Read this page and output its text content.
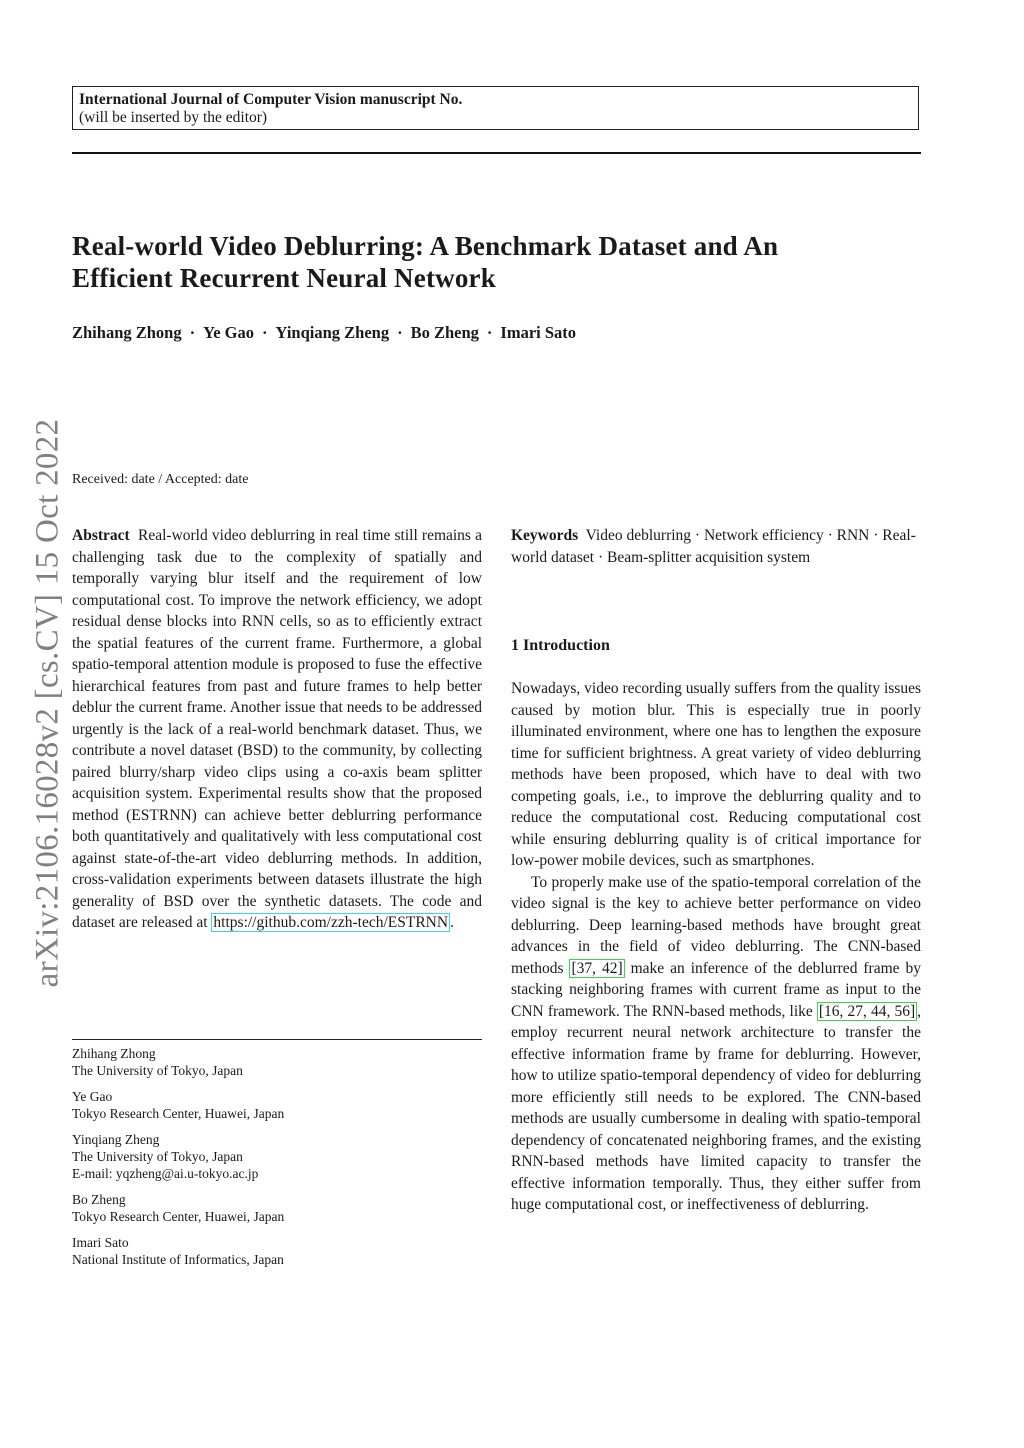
International Journal of Computer Vision manuscript No.
(will be inserted by the editor)
Real-world Video Deblurring: A Benchmark Dataset and An
Efficient Recurrent Neural Network
Zhihang Zhong · Ye Gao · Yinqiang Zheng · Bo Zheng · Imari Sato
arXiv:2106.16028v2 [cs.CV] 15 Oct 2022 Received: date / Accepted: date

Abstract Real-world video deblurring in real time still remains a challenging task due to the complexity of spatially and temporally varying blur itself and the requirement of low computational cost. To improve the network efficiency, we adopt residual dense blocks into RNN cells, so as to efficiently extract the spatial features of the current frame. Furthermore, a global spatio-temporal attention module is proposed to fuse the effective hierarchical features from past and future frames to help better deblur the current frame. Another issue that needs to be addressed urgently is the lack of a real-world benchmark dataset. Thus, we contribute a novel dataset (BSD) to the community, by collecting paired blurry/sharp video clips using a co-axis beam splitter acquisition system. Experimental results show that the proposed method (ESTRNN) can achieve better deblurring performance both quantitatively and qualitatively with less computational cost against state-of-the-art video deblurring methods. In addition, cross-validation experiments between datasets illustrate the high generality of BSD over the synthetic datasets. The code and dataset are released at https://github.com/zzh-tech/ESTRNN .

Zhihang Zhong
The University of Tokyo, Japan
Ye Gao
Tokyo Research Center, Huawei, Japan
Yinqiang Zheng
The University of Tokyo, Japan
E-mail: yqzheng@ai.u-tokyo.ac.jp
Bo Zheng
Tokyo Research Center, Huawei, Japan
Imari Sato
National Institute of Informatics, Japan

Keywords Video deblurring · Network efficiency · RNN · Real-world dataset · Beam-splitter acquisition system

1 Introduction

Nowadays, video recording usually suffers from the quality issues caused by motion blur. This is especially true in poorly illuminated environment, where one has to lengthen the exposure time for sufficient brightness. A great variety of video deblurring methods have been proposed, which have to deal with two competing goals, i.e., to improve the deblurring quality and to reduce the computational cost. Reducing computational cost while ensuring deblurring quality is of critical importance for low-power mobile devices, such as smartphones.

To properly make use of the spatio-temporal correlation of the video signal is the key to achieve better performance on video deblurring. Deep learning-based methods have brought great advances in the field of video deblurring. The CNN-based methods [37, 42] make an inference of the deblurred frame by stacking neighboring frames with current frame as input to the CNN framework. The RNN-based methods, like [16, 27, 44, 56] , employ recurrent neural network architecture to transfer the effective information frame by frame for deblurring. However, how to utilize spatio-temporal dependency of video for deblurring more efficiently still needs to be explored. The CNN-based methods are usually cumbersome in dealing with spatio-temporal dependency of concatenated neighboring frames, and the existing RNN-based methods have limited capacity to transfer the effective information temporally. Thus, they either suffer from huge computational cost, or ineffectiveness of deblurring.
